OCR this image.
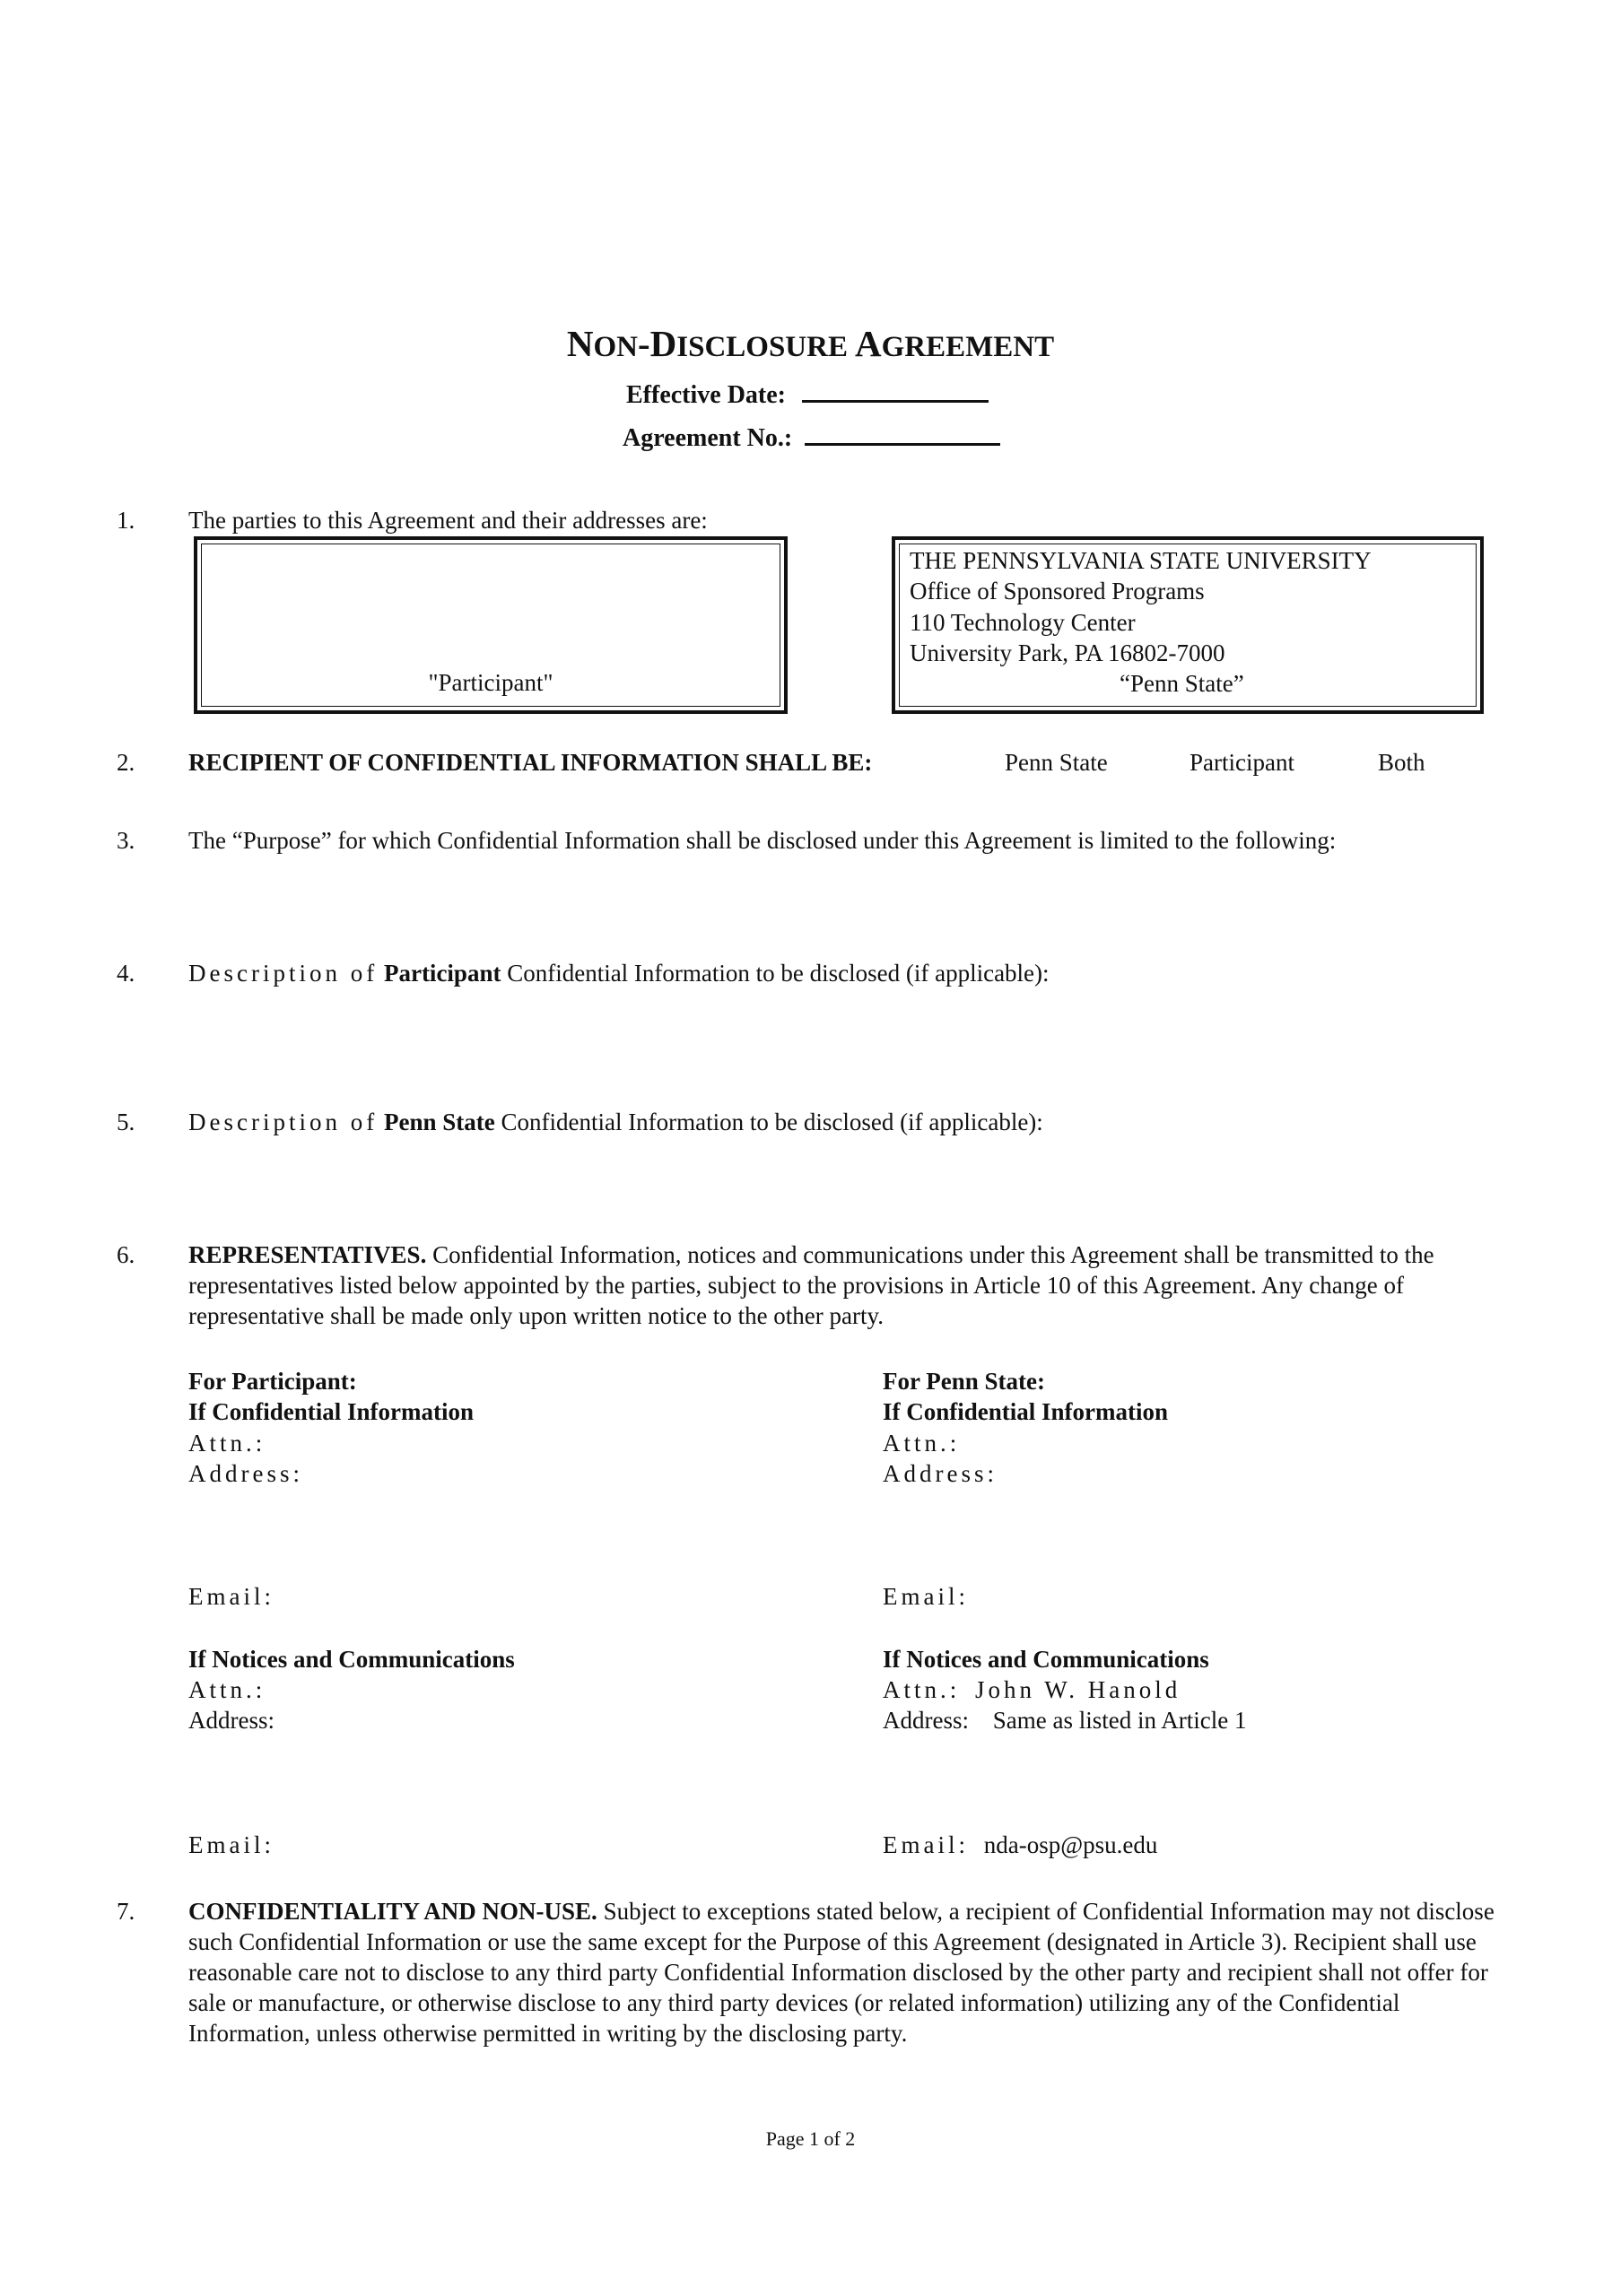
NON-DISCLOSURE AGREEMENT
Effective Date:
Agreement No.:
1. The parties to this Agreement and their addresses are:
"Participant"
THE PENNSYLVANIA STATE UNIVERSITY
Office of Sponsored Programs
110 Technology Center
University Park, PA 16802-7000
“Penn State”
2. RECIPIENT OF CONFIDENTIAL INFORMATION SHALL BE:	Penn State	Participant	Both
3. The “Purpose” for which Confidential Information shall be disclosed under this Agreement is limited to the following:
4. Description of Participant Confidential Information to be disclosed (if applicable):
5. Description of Penn State Confidential Information to be disclosed (if applicable):
6. REPRESENTATIVES. Confidential Information, notices and communications under this Agreement shall be transmitted to the representatives listed below appointed by the parties, subject to the provisions in Article 10 of this Agreement. Any change of representative shall be made only upon written notice to the other party.
For Participant:
If Confidential Information
Attn.:
Address:
Email:
If Notices and Communications
Attn.:
Address:
Email:
For Penn State:
If Confidential Information
Attn.:
Address:
Email:
If Notices and Communications
Attn.: John W. Hanold
Address: Same as listed in Article 1
Email: nda-osp@psu.edu
7. CONFIDENTIALITY AND NON-USE. Subject to exceptions stated below, a recipient of Confidential Information may not disclose such Confidential Information or use the same except for the Purpose of this Agreement (designated in Article 3). Recipient shall use reasonable care not to disclose to any third party Confidential Information disclosed by the other party and recipient shall not offer for sale or manufacture, or otherwise disclose to any third party devices (or related information) utilizing any of the Confidential Information, unless otherwise permitted in writing by the disclosing party.
Page 1 of 2
